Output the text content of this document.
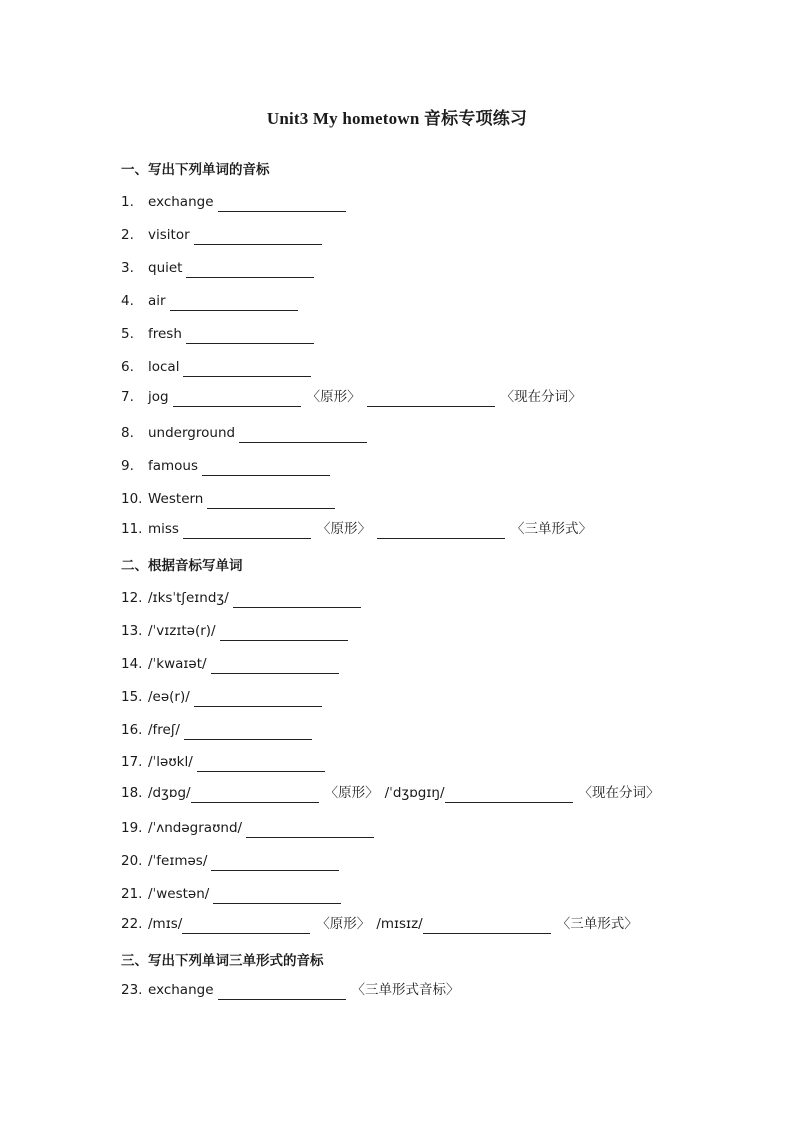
Unit3 My hometown 音标专项练习
一、写出下列单词的音标
1.	exchange
2.	visitor
3.	quiet
4.	air
5.	fresh
6.	local
7.	jog	〈原形〉	〈现在分词〉
8.	underground
9.	famous
10. Western
11. miss	〈原形〉	〈三单形式〉
二、根据音标写单词
12. /ɪksˈtʃeɪndʒ/
13. /ˈvɪzɪtə(r)/
14. /ˈkwaɪət/
15. /eə(r)/
16. /freʃ/
17. /ˈləʊkl/
18. /dʒɒg/	〈原形〉 /ˈdʒɒgɪŋ/	〈现在分词〉
19. /ˈʌndəgraʊnd/
20. /ˈfeɪməs/
21. /ˈwestən/
22. /mɪs/	〈原形〉 /mɪsɪz/	〈三单形式〉
三、写出下列单词三单形式的音标
23. exchange	〈三单形式音标〉
